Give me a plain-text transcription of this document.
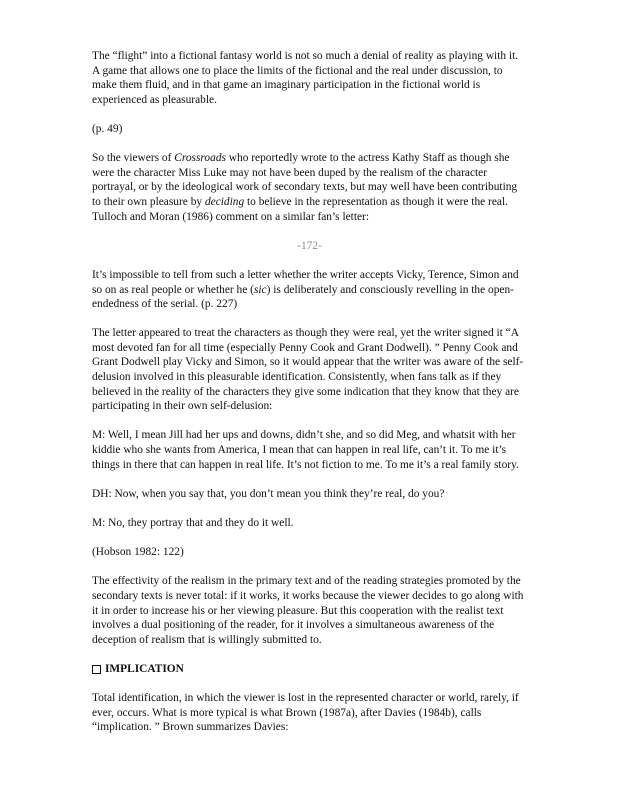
The “flight” into a fictional fantasy world is not so much a denial of reality as playing with it. A game that allows one to place the limits of the fictional and the real under discussion, to make them fluid, and in that game an imaginary participation in the fictional world is experienced as pleasurable.

(p. 49)

So the viewers of Crossroads who reportedly wrote to the actress Kathy Staff as though she were the character Miss Luke may not have been duped by the realism of the character portrayal, or by the ideological work of secondary texts, but may well have been contributing to their own pleasure by deciding to believe in the representation as though it were the real. Tulloch and Moran (1986) comment on a similar fan’s letter:

-172-

It’s impossible to tell from such a letter whether the writer accepts Vicky, Terence, Simon and so on as real people or whether he (sic) is deliberately and consciously revelling in the open-endedness of the serial. (p. 227)

The letter appeared to treat the characters as though they were real, yet the writer signed it “A most devoted fan for all time (especially Penny Cook and Grant Dodwell). ” Penny Cook and Grant Dodwell play Vicky and Simon, so it would appear that the writer was aware of the self-delusion involved in this pleasurable identification. Consistently, when fans talk as if they believed in the reality of the characters they give some indication that they know that they are participating in their own self-delusion:

M: Well, I mean Jill had her ups and downs, didn’t she, and so did Meg, and whatsit with her kiddie who she wants from America, I mean that can happen in real life, can’t it. To me it’s things in there that can happen in real life. It’s not fiction to me. To me it’s a real family story.

DH: Now, when you say that, you don’t mean you think they’re real, do you?

M: No, they portray that and they do it well.

(Hobson 1982: 122)

The effectivity of the realism in the primary text and of the reading strategies promoted by the secondary texts is never total: if it works, it works because the viewer decides to go along with it in order to increase his or her viewing pleasure. But this cooperation with the realist text involves a dual positioning of the reader, for it involves a simultaneous awareness of the deception of realism that is willingly submitted to.

IMPLICATION

Total identification, in which the viewer is lost in the represented character or world, rarely, if ever, occurs. What is more typical is what Brown (1987a), after Davies (1984b), calls “implication. ” Brown summarizes Davies:
